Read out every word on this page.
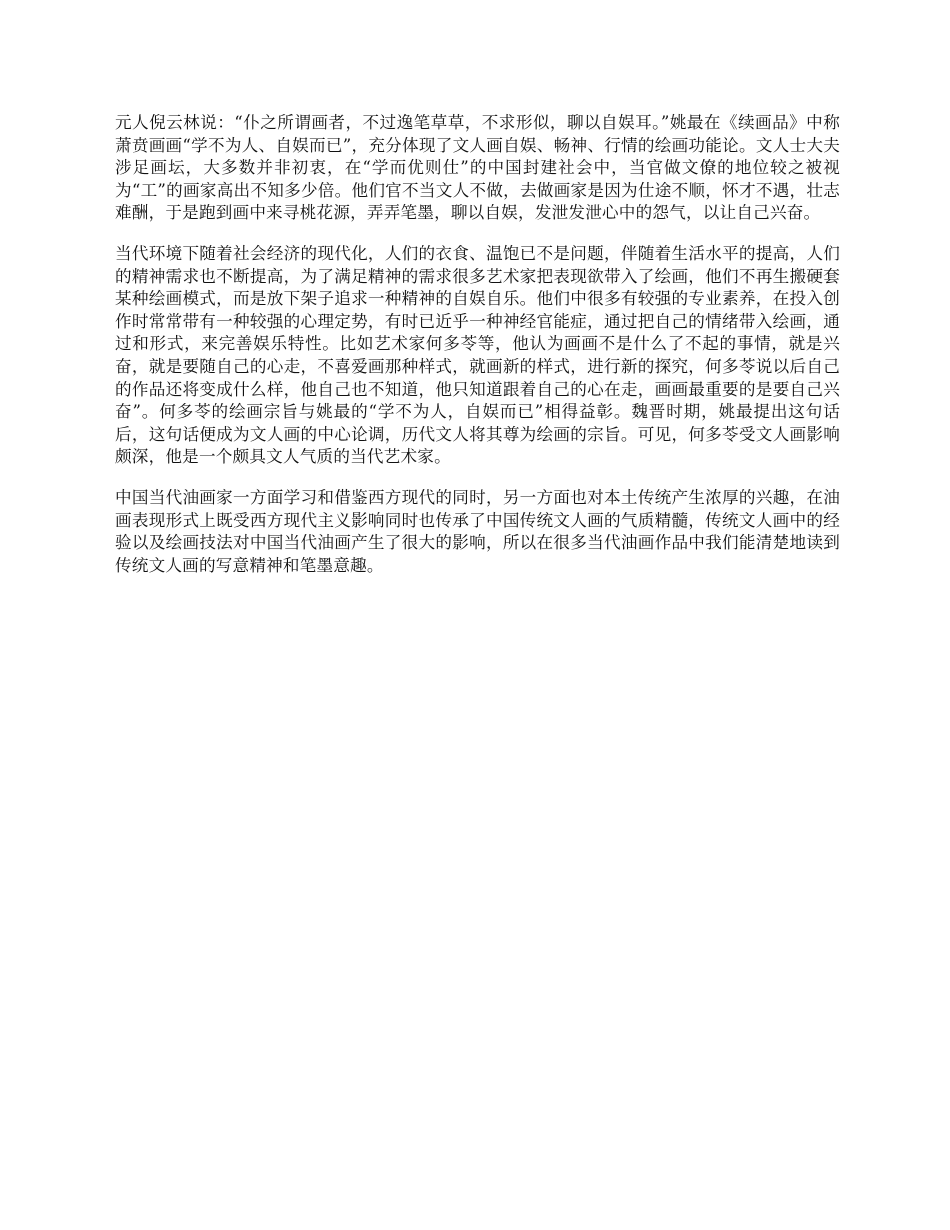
元人倪云林说：“仆之所谓画者，不过逸笔草草，不求形似，聊以自娱耳。”姚最在《续画品》中称萧贲画画“学不为人、自娱而已”，充分体现了文人画自娱、畅神、行情的绘画功能论。文人士大夫涉足画坛，大多数并非初衷，在“学而优则仕”的中国封建社会中，当官做文僚的地位较之被视为“工”的画家高出不知多少倍。他们官不当文人不做，去做画家是因为仕途不顺，怀才不遇，壮志难酬，于是跑到画中来寻桃花源，弄弄笔墨，聊以自娱，发泄发泄心中的怨气，以让自己兴奋。

当代环境下随着社会经济的现代化，人们的衣食、温饱已不是问题，伴随着生活水平的提高，人们的精神需求也不断提高，为了满足精神的需求很多艺术家把表现欲带入了绘画，他们不再生搬硬套某种绘画模式，而是放下架子追求一种精神的自娱自乐。他们中很多有较强的专业素养，在投入创作时常常带有一种较强的心理定势，有时已近乎一种神经官能症，通过把自己的情绪带入绘画，通过和形式，来完善娱乐特性。比如艺术家何多苓等，他认为画画不是什么了不起的事情，就是兴奋，就是要随自己的心走，不喜爱画那种样式，就画新的样式，进行新的探究，何多苓说以后自己的作品还将变成什么样，他自己也不知道，他只知道跟着自己的心在走，画画最重要的是要自己兴奋”。何多苓的绘画宗旨与姚最的“学不为人，自娱而已”相得益彰。魏晋时期，姚最提出这句话后，这句话便成为文人画的中心论调，历代文人将其尊为绘画的宗旨。可见，何多苓受文人画影响颇深，他是一个颇具文人气质的当代艺术家。

中国当代油画家一方面学习和借鉴西方现代的同时，另一方面也对本土传统产生浓厚的兴趣，在油画表现形式上既受西方现代主义影响同时也传承了中国传统文人画的气质精髓，传统文人画中的经验以及绘画技法对中国当代油画产生了很大的影响，所以在很多当代油画作品中我们能清楚地读到传统文人画的写意精神和笔墨意趣。
